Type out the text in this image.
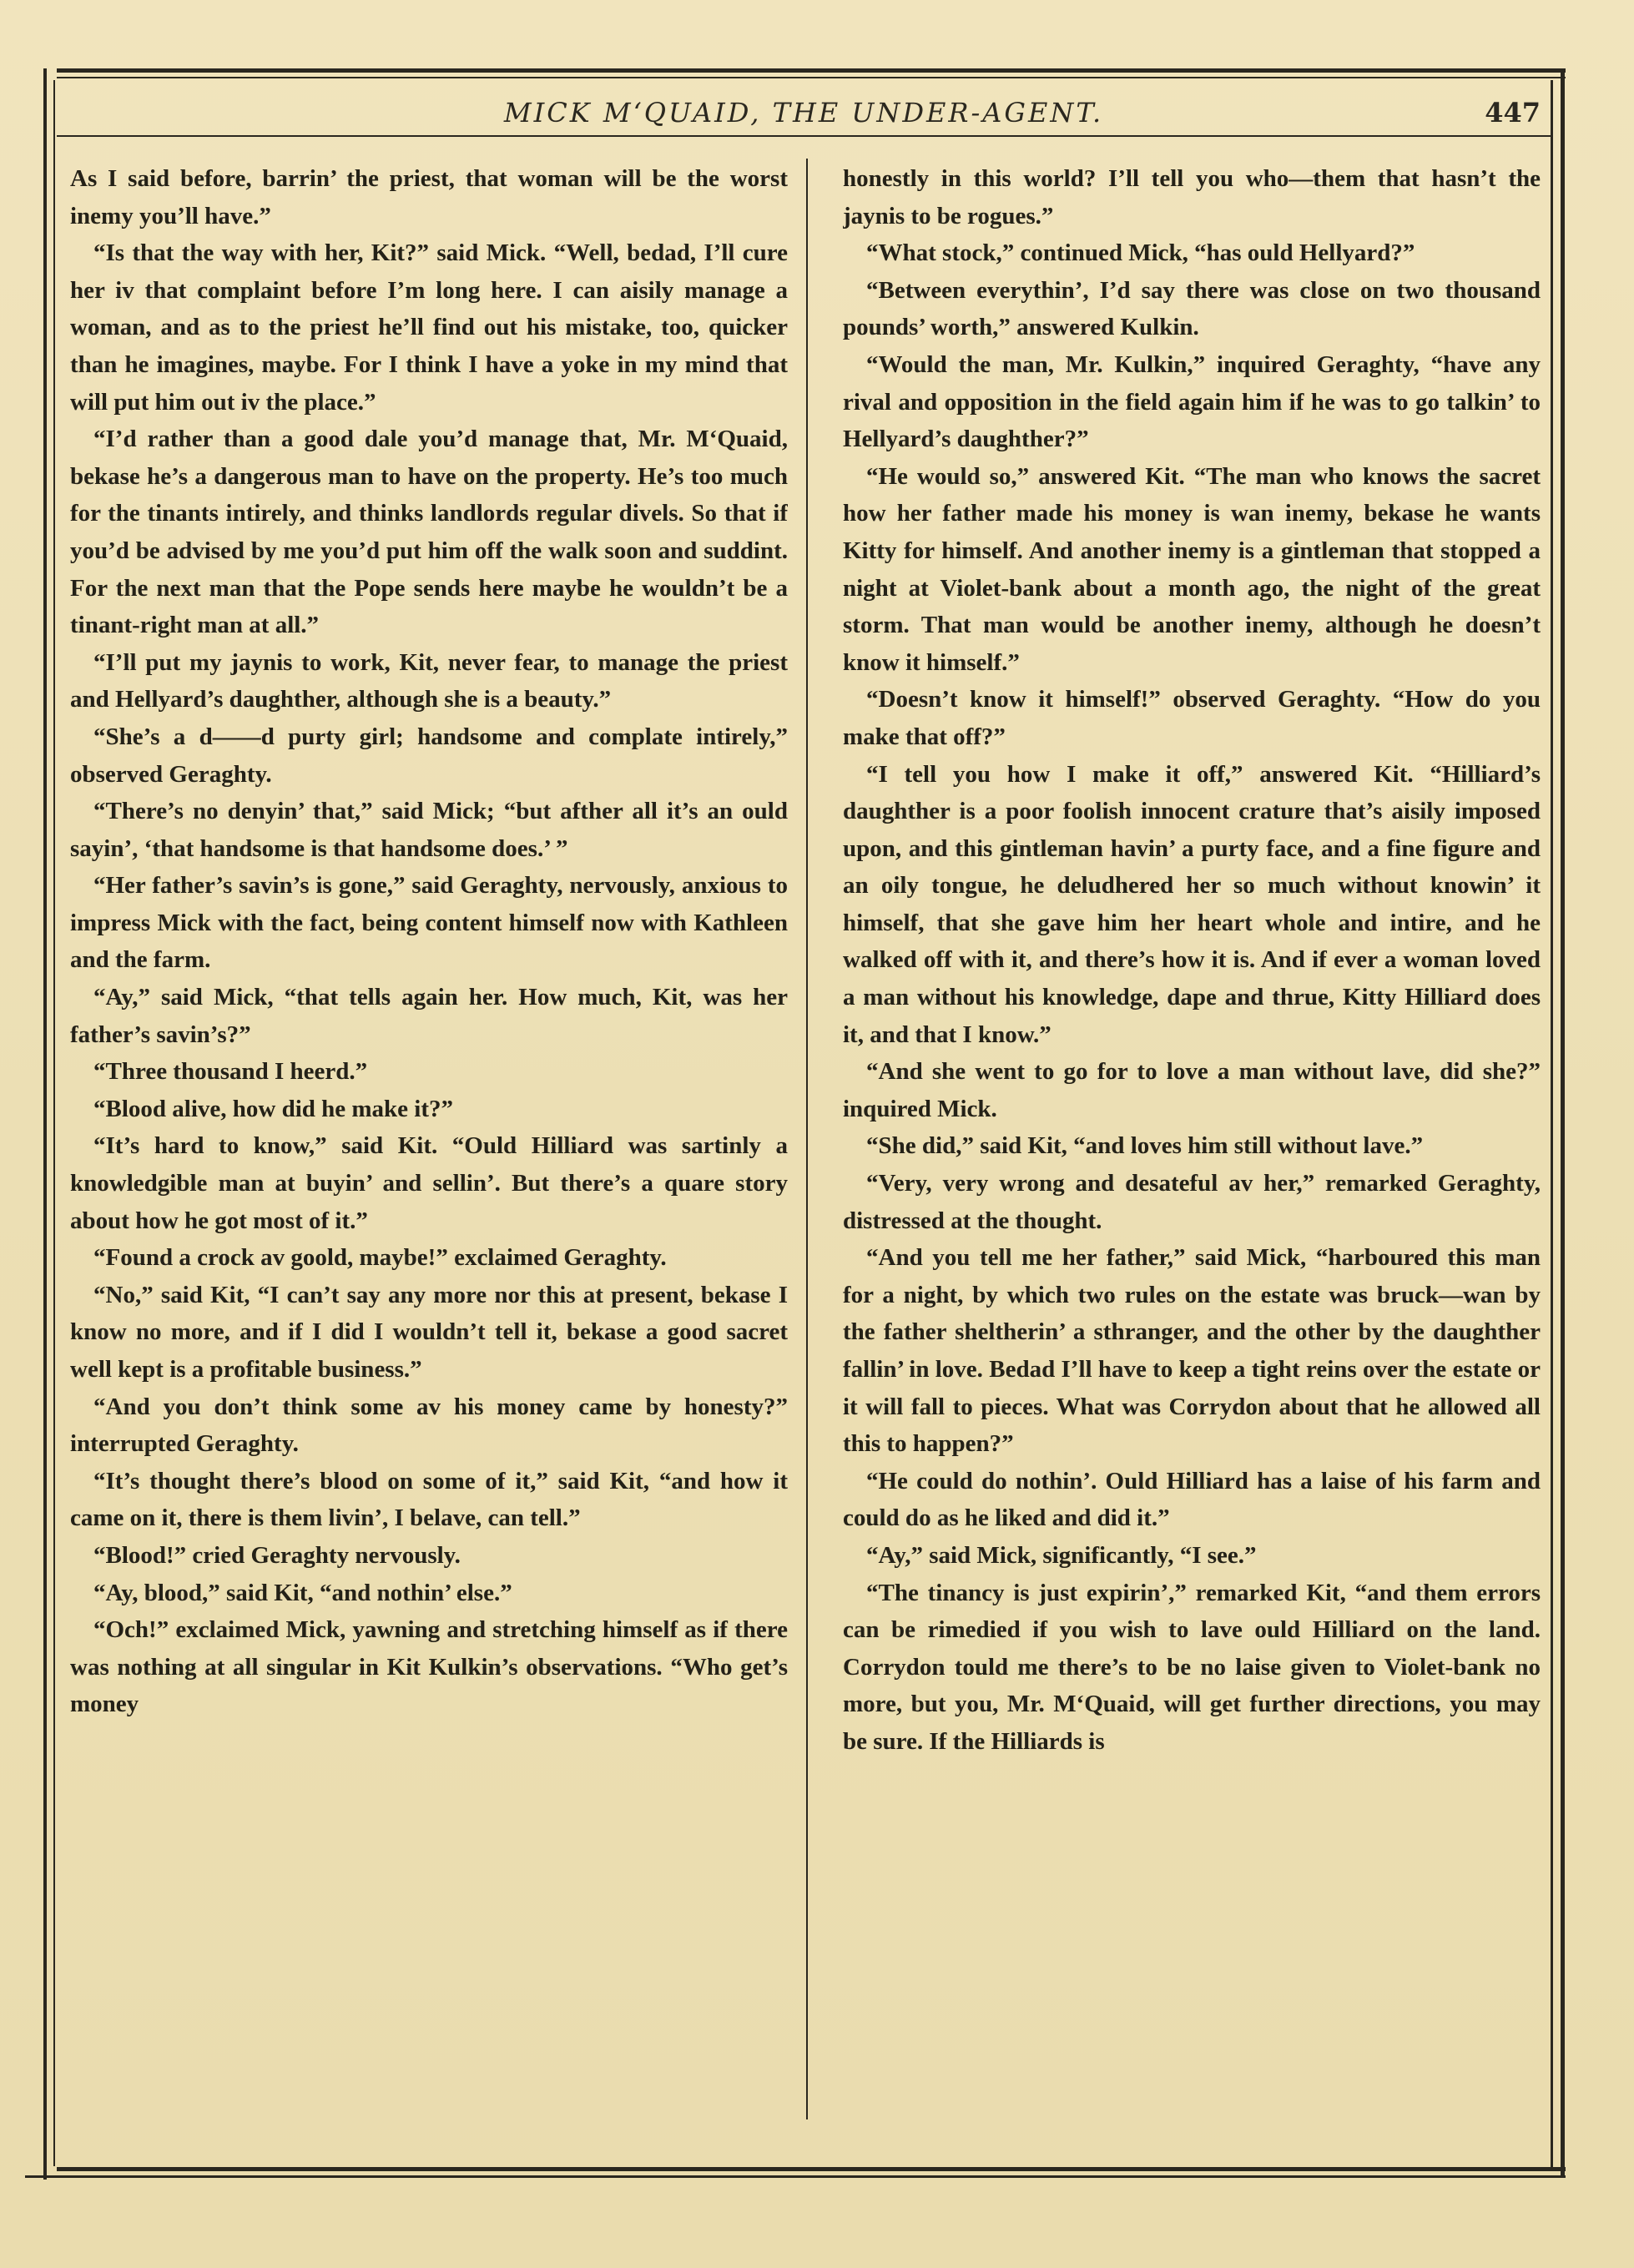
MICK M‘QUAID, THE UNDER-AGENT.	447

As I said before, barrin’ the priest, that woman will be the worst inemy you’ll have.”

“Is that the way with her, Kit?” said Mick. “Well, bedad, I’ll cure her iv that complaint before I’m long here. I can aisily manage a woman, and as to the priest he’ll find out his mistake, too, quicker than he imagines, maybe. For I think I have a yoke in my mind that will put him out iv the place.”

“I’d rather than a good dale you’d manage that, Mr. M‘Quaid, bekase he’s a dangerous man to have on the property. He’s too much for the tinants intirely, and thinks landlords regular divels. So that if you’d be advised by me you’d put him off the walk soon and suddint. For the next man that the Pope sends here maybe he wouldn’t be a tinant-right man at all.”

“I’ll put my jaynis to work, Kit, never fear, to manage the priest and Hellyard’s daughther, although she is a beauty.”

“She’s a d——d purty girl; handsome and complate intirely,” observed Geraghty.

“There’s no denyin’ that,” said Mick; “but afther all it’s an ould sayin’, ‘that handsome is that handsome does.’ ”

“Her father’s savin’s is gone,” said Geraghty, nervously, anxious to impress Mick with the fact, being content himself now with Kathleen and the farm.

“Ay,” said Mick, “that tells again her. How much, Kit, was her father’s savin’s?”

“Three thousand I heerd.”

“Blood alive, how did he make it?”

“It’s hard to know,” said Kit. “Ould Hilliard was sartinly a knowledgible man at buyin’ and sellin’. But there’s a quare story about how he got most of it.”

“Found a crock av goold, maybe!” exclaimed Geraghty.

“No,” said Kit, “I can’t say any more nor this at present, bekase I know no more, and if I did I wouldn’t tell it, bekase a good sacret well kept is a profitable business.”

“And you don’t think some av his money came by honesty?” interrupted Geraghty.

“It’s thought there’s blood on some of it,” said Kit, “and how it came on it, there is them livin’, I belave, can tell.”

“Blood!” cried Geraghty nervously.

“Ay, blood,” said Kit, “and nothin’ else.”

“Och!” exclaimed Mick, yawning and stretching himself as if there was nothing at all singular in Kit Kulkin’s observations. “Who get’s money

honestly in this world? I’ll tell you who—them that hasn’t the jaynis to be rogues.”

“What stock,” continued Mick, “has ould Hellyard?”

“Between everythin’, I’d say there was close on two thousand pounds’ worth,” answered Kulkin.

“Would the man, Mr. Kulkin,” inquired Geraghty, “have any rival and opposition in the field again him if he was to go talkin’ to Hellyard’s daughther?”

“He would so,” answered Kit. “The man who knows the sacret how her father made his money is wan inemy, bekase he wants Kitty for himself. And another inemy is a gintleman that stopped a night at Violet-bank about a month ago, the night of the great storm. That man would be another inemy, although he doesn’t know it himself.”

“Doesn’t know it himself!” observed Geraghty. “How do you make that off?”

“I tell you how I make it off,” answered Kit. “Hilliard’s daughther is a poor foolish innocent crature that’s aisily imposed upon, and this gintleman havin’ a purty face, and a fine figure and an oily tongue, he deludhered her so much without knowin’ it himself, that she gave him her heart whole and intire, and he walked off with it, and there’s how it is. And if ever a woman loved a man without his knowledge, dape and thrue, Kitty Hilliard does it, and that I know.”

“And she went to go for to love a man without lave, did she?” inquired Mick.

“She did,” said Kit, “and loves him still without lave.”

“Very, very wrong and desateful av her,” remarked Geraghty, distressed at the thought.

“And you tell me her father,” said Mick, “harboured this man for a night, by which two rules on the estate was bruck—wan by the father sheltherin’ a sthranger, and the other by the daughther fallin’ in love. Bedad I’ll have to keep a tight reins over the estate or it will fall to pieces. What was Corrydon about that he allowed all this to happen?”

“He could do nothin’. Ould Hilliard has a laise of his farm and could do as he liked and did it.”

“Ay,” said Mick, significantly, “I see.”

“The tinancy is just expirin’,” remarked Kit, “and them errors can be rimedied if you wish to lave ould Hilliard on the land. Corrydon tould me there’s to be no laise given to Violet-bank no more, but you, Mr. M‘Quaid, will get further directions, you may be sure. If the Hilliards is
